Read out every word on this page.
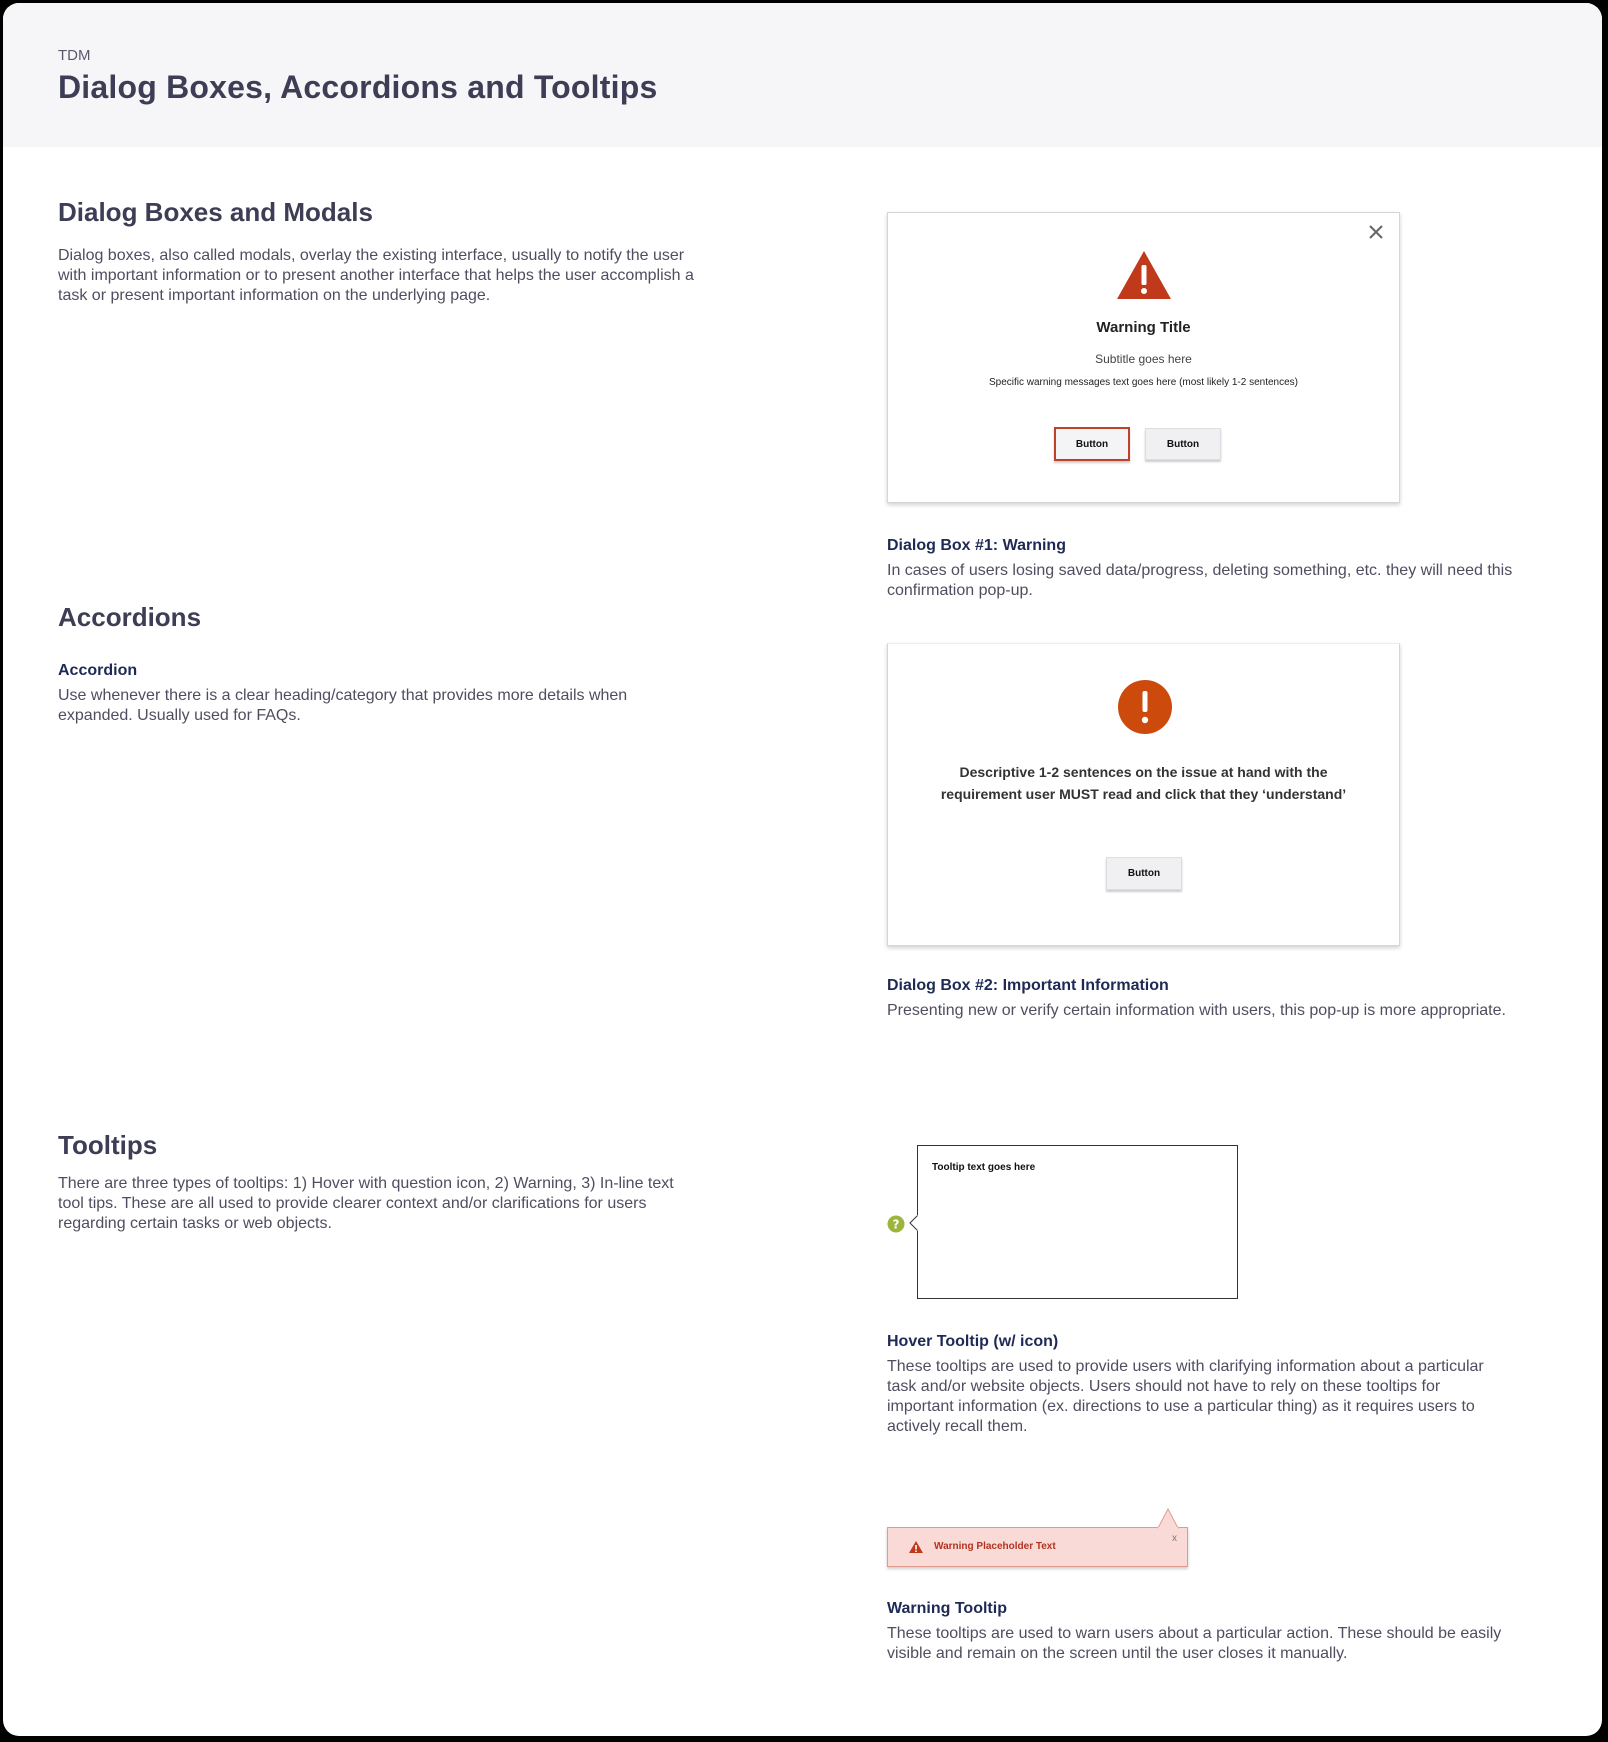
TDM
Dialog Boxes, Accordions and Tooltips
Dialog Boxes and Modals
Dialog boxes, also called modals, overlay the existing interface, usually to notify the user with important information or to present another interface that helps the user accomplish a task or present important information on the underlying page.
Accordions
Accordion
Use whenever there is a clear heading/category that provides more details when expanded. Usually used for FAQs.
Tooltips
There are three types of tooltips: 1) Hover with question icon, 2) Warning, 3) In-line text tool tips. These are all used to provide clearer context and/or clarifications for users regarding certain tasks or web objects.
Warning Title
Subtitle goes here
Specific warning messages text goes here (most likely 1-2 sentences)
Button	Button
Dialog Box #1: Warning
In cases of users losing saved data/progress, deleting something, etc. they will need this confirmation pop-up.
Descriptive 1-2 sentences on the issue at hand with the
requirement user MUST read and click that they ‘understand’
Button
Dialog Box #2: Important Information
Presenting new or verify certain information with users, this pop-up is more appropriate.
?
Tooltip text goes here
Hover Tooltip (w/ icon)
These tooltips are used to provide users with clarifying information about a particular task and/or website objects. Users should not have to rely on these tooltips for important information (ex. directions to use a particular thing) as it requires users to actively recall them.
Warning Placeholder Text
x
Warning Tooltip
These tooltips are used to warn users about a particular action. These should be easily visible and remain on the screen until the user closes it manually.
